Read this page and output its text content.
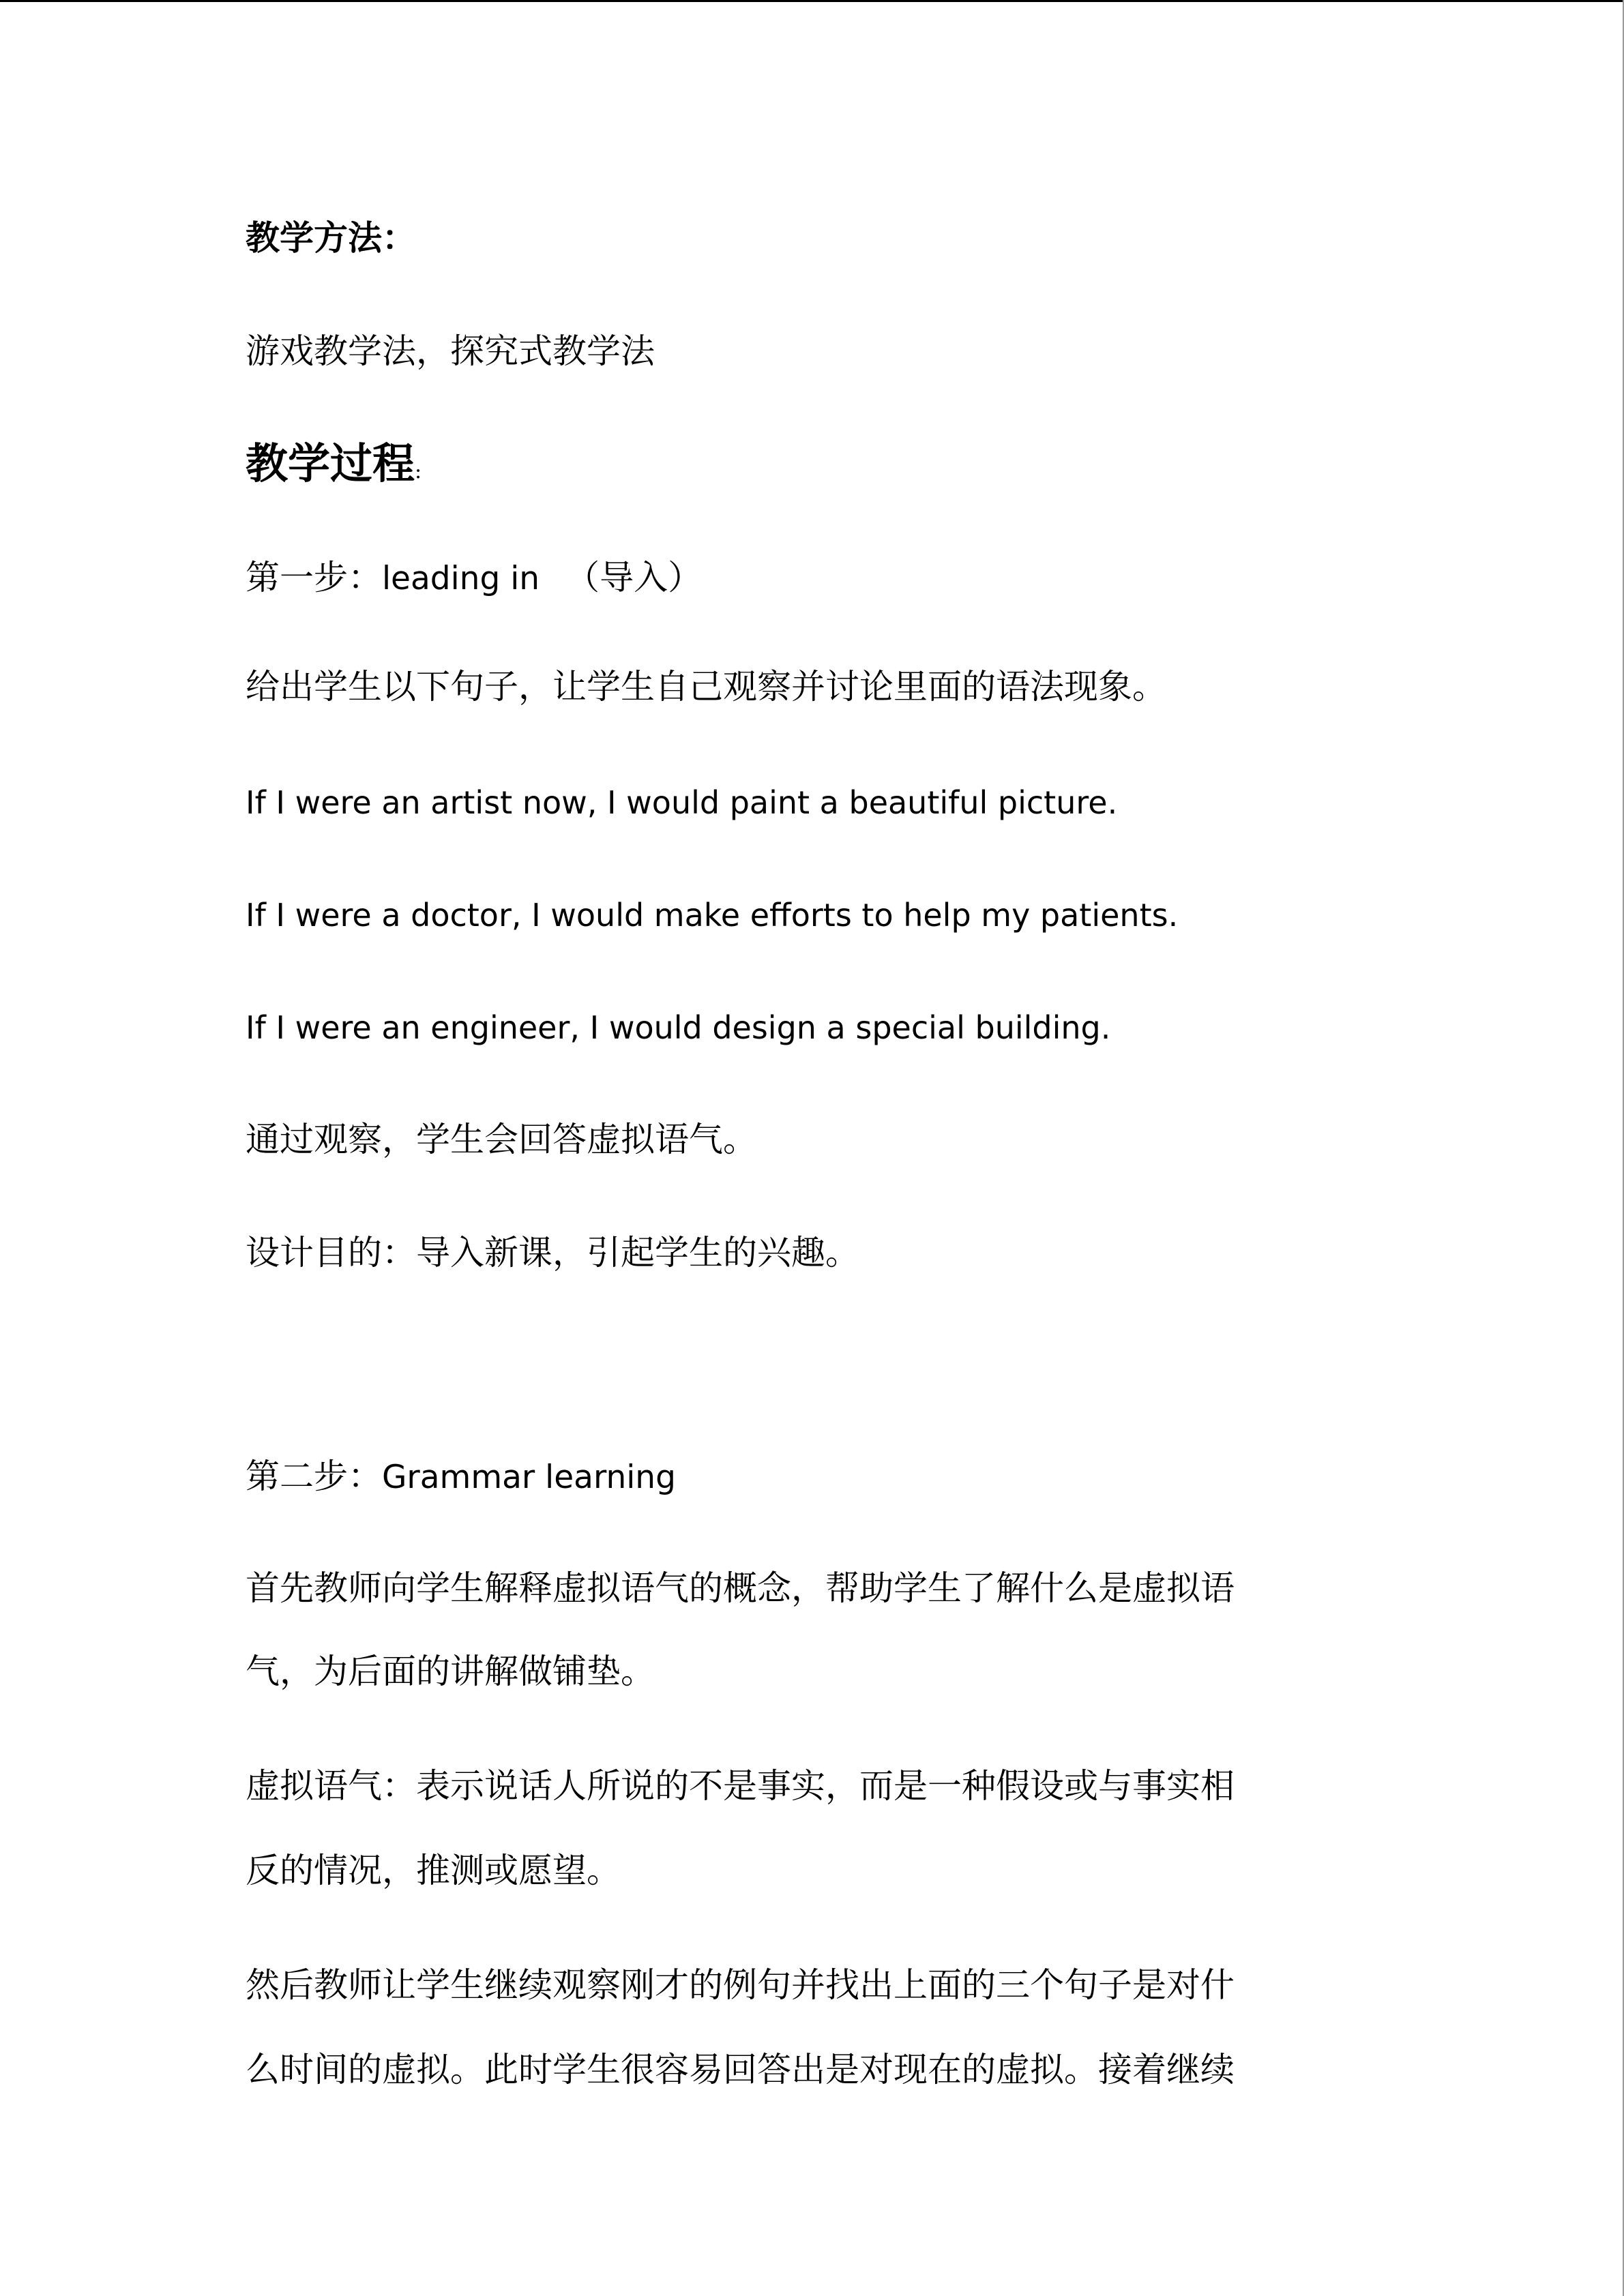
教学方法：
游戏教学法，探究式教学法
教学过程:
第一步：leading in （导入）
给出学生以下句子，让学生自己观察并讨论里面的语法现象。
If I were an artist now, I would paint a beautiful picture.
If I were a doctor, I would make efforts to help my patients.
If I were an engineer, I would design a special building.
通过观察，学生会回答虚拟语气。
设计目的：导入新课，引起学生的兴趣。
第二步：Grammar learning
首先教师向学生解释虚拟语气的概念，帮助学生了解什么是虚拟语
气，为后面的讲解做铺垫。
虚拟语气：表示说话人所说的不是事实，而是一种假设或与事实相
反的情况，推测或愿望。
然后教师让学生继续观察刚才的例句并找出上面的三个句子是对什
么时间的虚拟。此时学生很容易回答出是对现在的虚拟。接着继续
